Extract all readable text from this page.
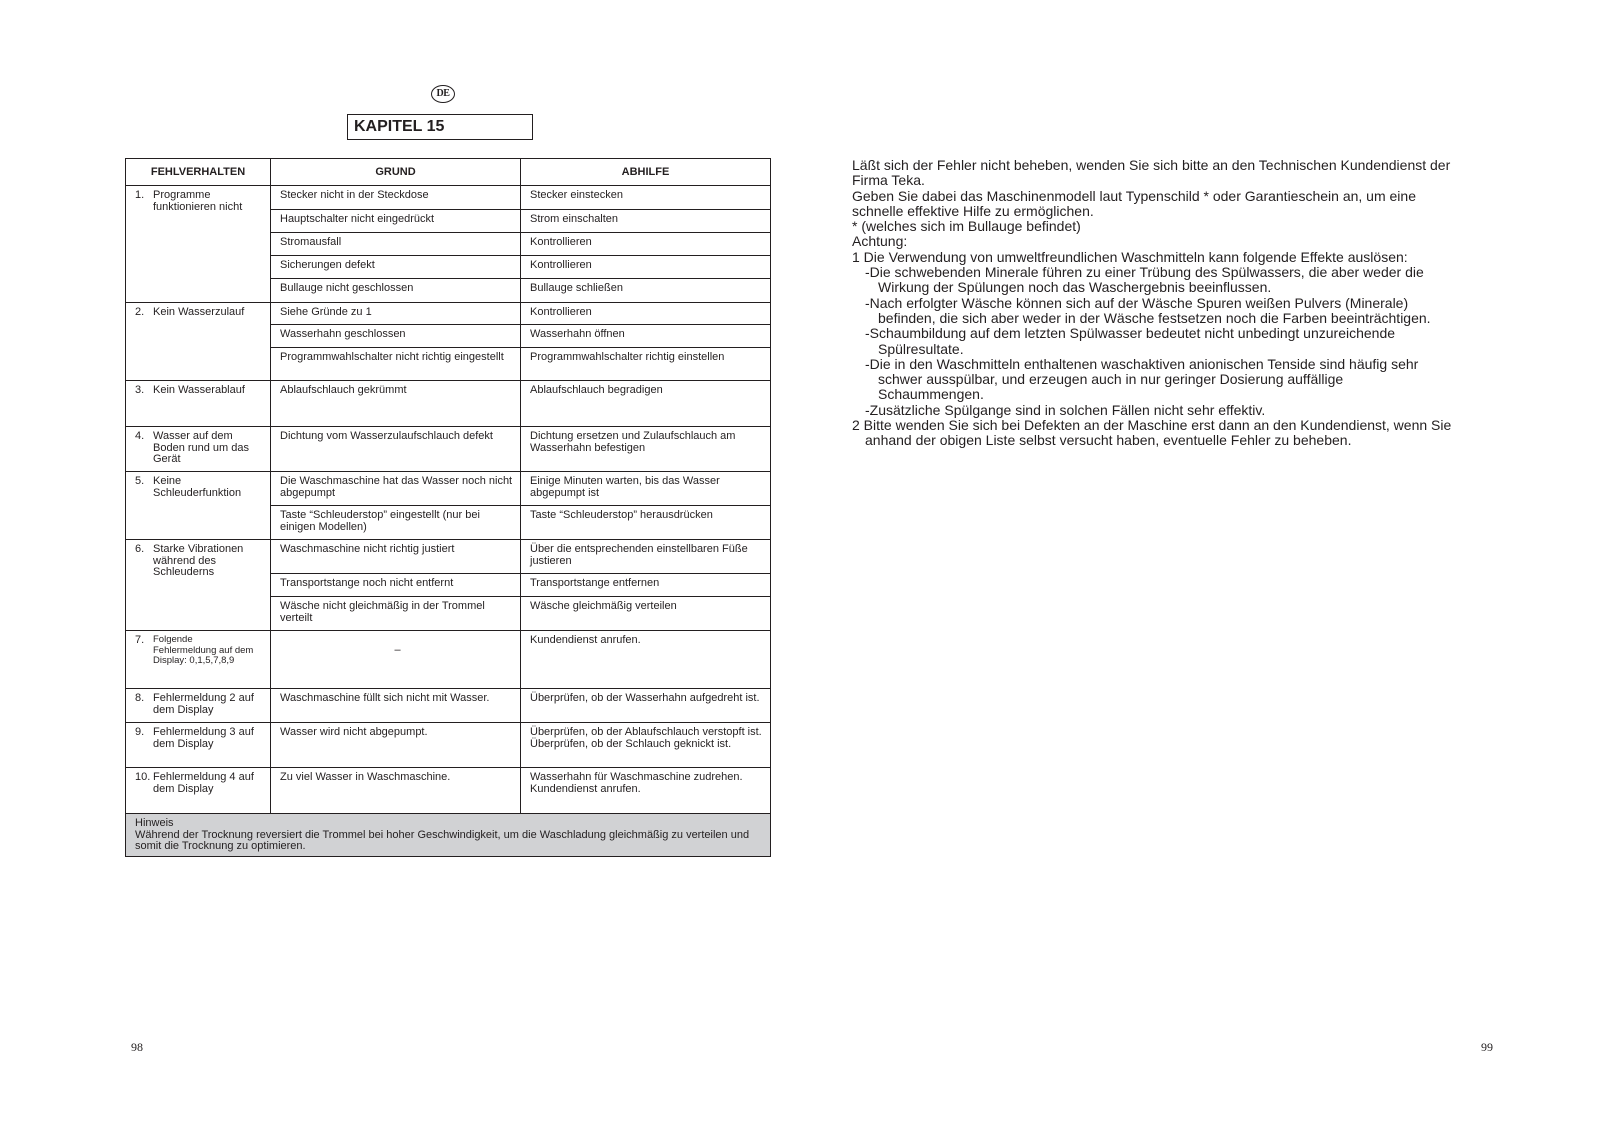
DE
KAPITEL 15
FEHLVERHALTEN	GRUND	ABHILFE
1. Programme funktionieren nicht	Stecker nicht in der Steckdose	Stecker einstecken
	Hauptschalter nicht eingedrückt	Strom einschalten
	Stromausfall	Kontrollieren
	Sicherungen defekt	Kontrollieren
	Bullauge nicht geschlossen	Bullauge schließen
2. Kein Wasserzulauf	Siehe Gründe zu 1	Kontrollieren
	Wasserhahn geschlossen	Wasserhahn öffnen
	Programmwahlschalter nicht richtig eingestellt	Programmwahlschalter richtig einstellen
3. Kein Wasserablauf	Ablaufschlauch gekrümmt	Ablaufschlauch begradigen
4. Wasser auf dem Boden rund um das Gerät	Dichtung vom Wasserzulaufschlauch defekt	Dichtung ersetzen und Zulaufschlauch am Wasserhahn befestigen
5. Keine Schleuderfunktion	Die Waschmaschine hat das Wasser noch nicht abgepumpt	Einige Minuten warten, bis das Wasser abgepumpt ist
	Taste “Schleuderstop” eingestellt (nur bei einigen Modellen)	Taste “Schleuderstop” herausdrücken
6. Starke Vibrationen während des Schleuderns	Waschmaschine nicht richtig justiert	Über die entsprechenden einstellbaren Füße justieren
	Transportstange noch nicht entfernt	Transportstange entfernen
	Wäsche nicht gleichmäßig in der Trommel verteilt	Wäsche gleichmäßig verteilen
7. Folgende Fehlermeldung auf dem Display: 0,1,5,7,8,9	–	Kundendienst anrufen.
8. Fehlermeldung 2 auf dem Display	Waschmaschine füllt sich nicht mit Wasser.	Überprüfen, ob der Wasserhahn aufgedreht ist.
9. Fehlermeldung 3 auf dem Display	Wasser wird nicht abgepumpt.	Überprüfen, ob der Ablaufschlauch verstopft ist. Überprüfen, ob der Schlauch geknickt ist.
10. Fehlermeldung 4 auf dem Display	Zu viel Wasser in Waschmaschine.	Wasserhahn für Waschmaschine zudrehen. Kundendienst anrufen.

Hinweis
Während der Trocknung reversiert die Trommel bei hoher Geschwindigkeit, um die Waschladung gleichmäßig zu verteilen und somit die Trocknung zu optimieren.		

Läßt sich der Fehler nicht beheben, wenden Sie sich bitte an den Technischen Kundendienst der Firma Teka.

Geben Sie dabei das Maschinenmodell laut Typenschild * oder Garantieschein an, um eine schnelle effektive Hilfe zu ermöglichen.

* (welches sich im Bullauge befindet)

Achtung:

1 Die Verwendung von umweltfreundlichen Waschmitteln kann folgende Effekte auslösen:

-Die schwebenden Minerale führen zu einer Trübung des Spülwassers, die aber weder die Wirkung der Spülungen noch das Waschergebnis beeinflussen.

-Nach erfolgter Wäsche können sich auf der Wäsche Spuren weißen Pulvers (Minerale) befinden, die sich aber weder in der Wäsche festsetzen noch die Farben beeinträchtigen.

-Schaumbildung auf dem letzten Spülwasser bedeutet nicht unbedingt unzureichende Spülresultate.

-Die in den Waschmitteln enthaltenen waschaktiven anionischen Tenside sind häufig sehr schwer ausspülbar, und erzeugen auch in nur geringer Dosierung auffällige Schaummengen.

-Zusätzliche Spülgange sind in solchen Fällen nicht sehr effektiv.

2 Bitte wenden Sie sich bei Defekten an der Maschine erst dann an den Kundendienst, wenn Sie anhand der obigen Liste selbst versucht haben, eventuelle Fehler zu beheben.

98	99
